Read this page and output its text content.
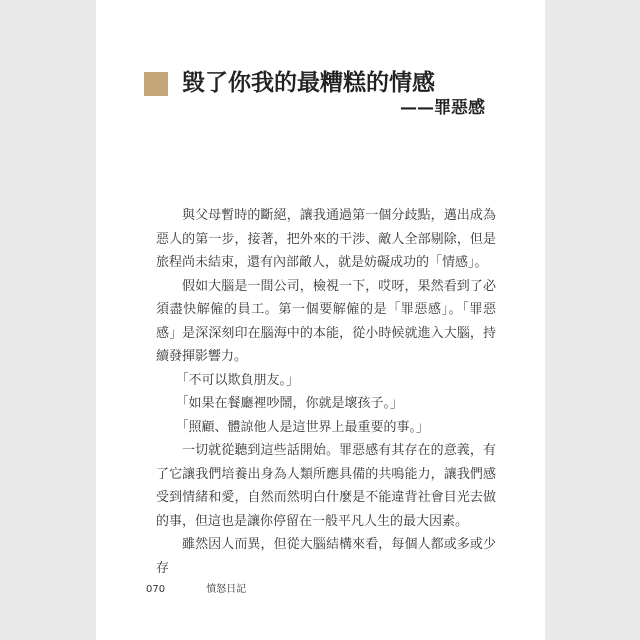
毀了你我的最糟糕的情感
——罪惡感

與父母暫時的斷絕，讓我通過第一個分歧點，邁出成為惡人的第一步，接著，把外來的干涉、敵人全部剔除，但是旅程尚未結束，還有內部敵人，就是妨礙成功的「情感」。

假如大腦是一間公司，檢視一下，哎呀，果然看到了必須盡快解僱的員工。第一個要解僱的是「罪惡感」。「罪惡感」是深深刻印在腦海中的本能，從小時候就進入大腦，持續發揮影響力。

「不可以欺負朋友。」

「如果在餐廳裡吵鬧，你就是壞孩子。」

「照顧、體諒他人是這世界上最重要的事。」

一切就從聽到這些話開始。罪惡感有其存在的意義，有了它讓我們培養出身為人類所應具備的共鳴能力，讓我們感受到情緒和愛，自然而然明白什麼是不能違背社會目光去做的事，但這也是讓你停留在一般平凡人生的最大因素。

雖然因人而異，但從大腦結構來看，每個人都或多或少存

070	憤怒日記
